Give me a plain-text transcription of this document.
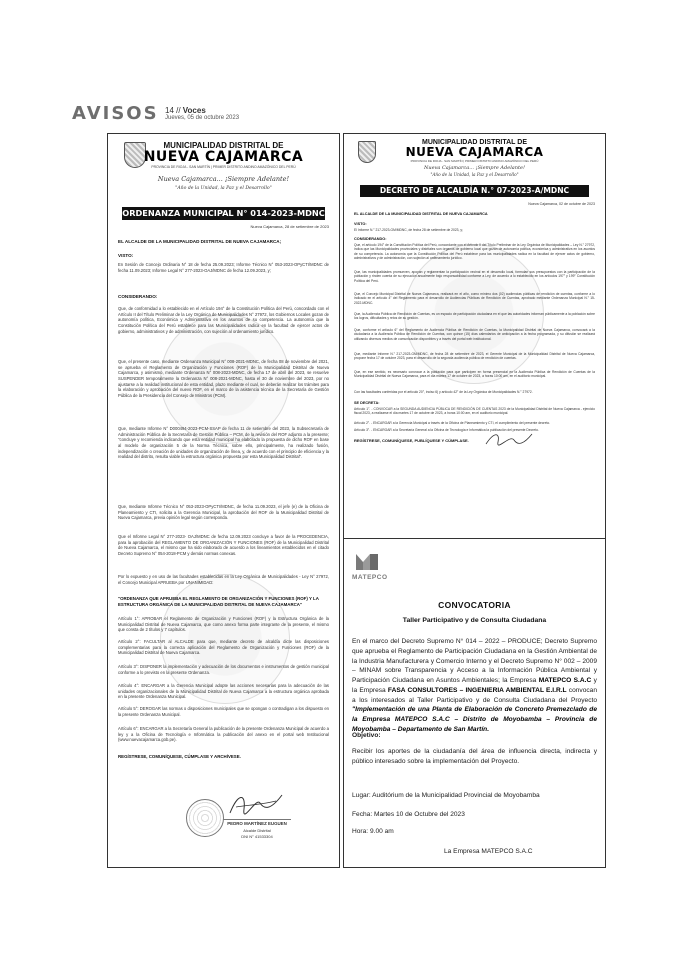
AVISOS 14 // Voces
Jueves, 05 de octubre 2023
MUNICIPALIDAD DISTRITAL DE
NUEVA CAJAMARCA
PROVINCIA DE RIOJA - SAN MARTÍN | PRIMER DISTRITO ANDINO AMAZÓNICO DEL PERÚ
Nueva Cajamarca... ¡Siempre Adelante!
"Año de la Unidad, la Paz y el Desarrollo"
ORDENANZA MUNICIPAL N° 014-2023-MDNC
Nueva Cajamarca, 28 de setiembre de 2023
EL ALCALDE DE LA MUNICIPALIDAD DISTRITAL DE NUEVA CAJAMARCA;
VISTO:
En Sesión de Concejo Ordinaria N° 18 de fecha 25.09.2023; Informe Técnico N° 053-2023-OPyCTI/MDNC de fecha 11.09.2023; Informe Legal N° 277-2023-OAJ/MDNC de fecha 12.09.2023, y;
CONSIDERANDO:
Que, de conformidad a lo establecido en el Artículo 194° de la Constitución Política del Perú, concordado con el Artículo II del Título Preliminar de la Ley Orgánica de Municipalidades N° 27972, los Gobiernos Locales gozan de autonomía política, Económica y Administrativa en los asuntos de su competencia. La autonomía que la Constitución Política del Perú establece para las Municipalidades radica en la facultad de ejercer actos de gobierno, administrativos y de administración, con sujeción al ordenamiento jurídico.
Que, el presente caso, mediante Ordenanza Municipal N° 008-2021-MDNC, de fecha 08 de noviembre del 2021, se aprueba el Reglamento de Organización y Funciones (ROF) de la Municipalidad Distrital de Nueva Cajamarca, y asimismo, mediante Ordenanza N° 008-2023-MDNC, de fecha 17 de abril del 2023, se resuelve SUSPENDER temporalmente la Ordenanza N° 008-2021-MDNC, hasta el 30 de noviembre del 2023, por no ajustarse a la realidad institucional de esta entidad, plazo mediante el cual, se deberán realizar los trámites para la elaboración y aprobación del nuevo ROF, en el marco de la asistencia técnica de la Secretaría de Gestión Pública de la Presidencia del Consejo de Ministros (PCM).
Que, mediante Informe N° D000494-2023-PCM-SSAP de fecha 11 de setiembre del 2023, la Subsecretaría de Administración Pública de la Secretaría de Gestión Pública – PCM, de la revisión del ROF adjunto a la presente; "concluye y recomienda indicando que esta entidad municipal ha elaborado la propuesta de dicho ROF en base al modelo de organización 5 de la Norma Técnica, sobre ello, principalmente, ha realizado fusión, independización o creación de unidades de organización de línea, y, de acuerdo con el principio de eficiencia y la realidad del distrito, resulta viable la estructura orgánica propuesta por esta Municipalidad Distrital".
Que, mediante Informe Técnico N° 053-2023-OPyCTI/MDNC, de fecha 11.09.2023, el jefe (e) de la Oficina de Planeamiento y CTI, solicita a la Gerencia Municipal, la aprobación del ROF de la Municipalidad Distrital de Nueva Cajamarca, previa opinión legal según corresponda.
Que el Informe Legal N° 277-2023- OAJ/MDNC de fecha 12.09.2023 concluye a favor de la PROCEDENCIA, para la aprobación del REGLAMENTO DE ORGANIZACIÓN Y FUNCIONES (ROF) de la Municipalidad Distrital de Nueva Cajamarca, el mismo que ha sido elaborado de acuerdo a los lineamientos establecidos en el citado Decreto Supremo N° 054-2018-PCM y demás normas conexas.
Por lo expuesto y en uso de las facultades establecidas en la Ley Orgánica de Municipalidades - Ley N° 27972, el Concejo Municipal APRUEBA por UNANIMIDAD:
"ORDENANZA QUE APRUEBA EL REGLAMENTO DE ORGANIZACIÓN Y FUNCIONES (ROF) Y LA ESTRUCTURA ORGÁNICA DE LA MUNICIPALIDAD DISTRITAL DE NUEVA CAJAMARCA"
Artículo 1°: APROBAR el Reglamento de Organización y Funciones (ROF) y la Estructura Orgánica de la Municipalidad Distrital de Nueva Cajamarca, que como anexo forma parte integrante de la presente, el mismo que consta de 2 títulos y 7 capítulos.
Artículo 2°: FACULTAR al ALCALDE para que, mediante decreto de alcaldía dicte las disposiciones complementarias para la correcta aplicación del Reglamento de Organización y Funciones (ROF) de la Municipalidad Distrital de Nueva Cajamarca.
Artículo 3°: DISPONER la implementación y adecuación de los documentos e instrumentos de gestión municipal conforme a lo previsto en la presente Ordenanza.
Artículo 4°: ENCARGAR a la Gerencia Municipal adopte las acciones necesarias para la adecuación de las unidades organizacionales de la Municipalidad Distrital de Nueva Cajamarca a la estructura orgánica aprobada en la presente Ordenanza Municipal.
Artículo 5°: DEROGAR las normas o disposiciones municipales que se opongan o contradigan a los dispuesto en la presente Ordenanza Municipal.
Artículo 6°: ENCARGAR a la Secretaría General la publicación de la presente Ordenanza Municipal de acuerdo a ley y a la Oficina de Tecnología e Informática la publicación del anexo en el portal web Institucional (www.nuevacajamarca.gob.pe).
REGÍSTRESE, COMUNÍQUESE, CÚMPLASE Y ARCHÍVESE.
PEDRO MARTÍNEZ EUGUEN
Alcalde Distrital
DNI N° 41533304
MUNICIPALIDAD DISTRITAL DE
NUEVA CAJAMARCA
PROVINCIA DE RIOJA - SAN MARTÍN | PRIMER DISTRITO ANDINO AMAZÓNICO DEL PERÚ
Nueva Cajamarca... ¡Siempre Adelante!
"Año de la Unidad, la Paz y el Desarrollo"
DECRETO DE ALCALDÍA N.° 07-2023-A/MDNC
Nueva Cajamarca, 02 de octubre de 2023
EL ALCALDE DE LA MUNICIPALIDAD DISTRITAL DE NUEVA CAJAMARCA
VISTO:
El Informe N.° 217-2023-GM/MDNC, de fecha 28 de setiembre de 2023, y;
CONSIDERANDO:
Que, el artículo 194° de la Constitución Política del Perú, concordante con el Artículo II del Título Preliminar de la Ley Orgánica de Municipalidades – Ley N.° 27972, indica que las Municipalidades provinciales y distritales son órganos de gobierno local que gozan de autonomía política, económica y administrativa en los asuntos de su competencia. La autonomía que la Constitución Política del Perú establece para las municipalidades radica en la facultad de ejercer actos de gobierno, administrativos y de administración, con sujeción al ordenamiento jurídico.
Que, las municipalidades promueven, apoyan y reglamentan la participación vecinal en el desarrollo local, formulan sus presupuestos con la participación de la población y rinden cuenta de su ejecución anualmente bajo responsabilidad conforme a Ley, de acuerdo a lo establecido en los artículos 197° y 199° Constitución Política del Perú.
Que, el Concejo Municipal Distrital de Nueva Cajamarca, realizará en el año, como mínimo dos (02) audiencias públicas de rendición de cuentas, conforme a lo indicado en el artículo 4° del Reglamento para el desarrollo de Audiencias Públicas de Rendición de Cuentas, aprobado mediante Ordenanza Municipal N.° 15-2022-MDNC.
Que, la Audiencia Pública de Rendición de Cuentas, es un espacio de participación ciudadana en el que las autoridades informan públicamente a la población sobre los logros, dificultades y retos de su gestión.
Que, conforme el artículo 6° del Reglamento de Audiencia Pública de Rendición de Cuentas, la Municipalidad Distrital de Nueva Cajamarca, convocará a la ciudadanía a la Audiencia Pública de Rendición de Cuentas, con quince (15) días calendarios de anticipación a la fecha programada, y su difusión se realizará utilizando diversos medios de comunicación disponibles y a través del portal web institucional.
Que, mediante Informe N.° 217-2023-GM/MDNC, de fecha 28 de setiembre de 2023, el Gerente Municipal de la Municipalidad Distrital de Nueva Cajamarca, propone fecha 17 de octubre 2023, para el desarrollo de la segunda audiencia pública de rendición de cuentas.
Que, en ese sentido, es necesario convocar a la población para que participen en forma presencial en la Audiencia Pública de Rendición de Cuentas de la Municipalidad Distrital de Nueva Cajamarca, para el día martes 17 de octubre de 2023, a horas 10:00 am, en el auditorio municipal.
Con las facultades conferidas por el artículo 20°, inciso 6) y artículo 42° de la Ley Orgánica de Municipalidades N.° 27972.
SE DECRETA:
Artículo 1°. - CONVOCAR a la SEGUNDA AUDIENCIA PÚBLICA DE RENDICIÓN DE CUENTAS 2023 de la Municipalidad Distrital de Nueva Cajamarca - ejercicio fiscal 2023, a realizarse el día martes 17 de octubre de 2023, a horas 10:00 am, en el auditorio municipal.
Artículo 2°. - ENCARGAR a la Gerencia Municipal a través de la Oficina de Planeamiento y CTI, el cumplimiento del presente decreto.
Artículo 3°. - ENCARGAR a la Secretaría General a la Oficina de Tecnología e Informática la publicación del presente Decreto.
REGÍSTRESE, COMUNÍQUESE, PUBLÍQUESE Y CÚMPLASE.
MATEPCO
CONVOCATORIA
Taller Participativo y de Consulta Ciudadana
En el marco del Decreto Supremo N° 014 – 2022 – PRODUCE; Decreto Supremo que aprueba el Reglamento de Participación Ciudadana en la Gestión Ambiental de la Industria Manufacturera y Comercio Interno y el Decreto Supremo N° 002 – 2009 – MINAM sobre Transparencia y Acceso a la Información Pública Ambiental y Participación Ciudadana en Asuntos Ambientales; la Empresa MATEPCO S.A.C y la Empresa FASA CONSULTORES – INGENIERIA AMBIENTAL E.I.R.L convocan a los interesados al Taller Participativo y de Consulta Ciudadana del Proyecto "Implementación de una Planta de Elaboración de Concreto Premezclado de la Empresa MATEPCO S.A.C – Distrito de Moyobamba – Provincia de Moyobamba – Departamento de San Martín.
Objetivo:
Recibir los aportes de la ciudadanía del área de influencia directa, indirecta y público interesado sobre la implementación del Proyecto.
Lugar: Auditórium de la Municipalidad Provincial de Moyobamba
Fecha: Martes 10 de Octubre del 2023
Hora: 9.00 am
La Empresa MATEPCO S.A.C
